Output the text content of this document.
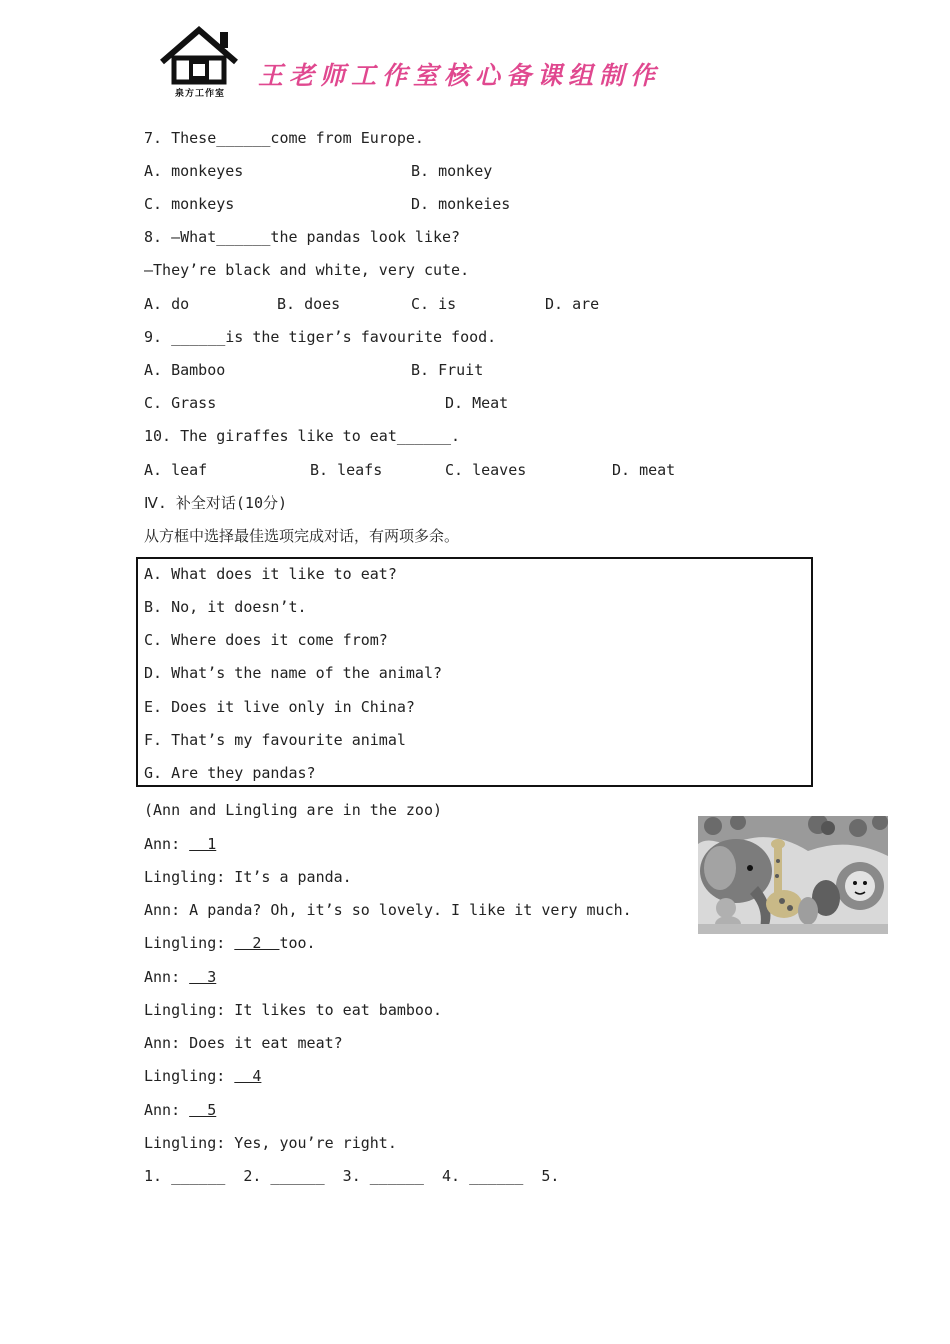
泉方工作室
王老师工作室核心备课组制作
7. These______come from Europe.
A. monkeyes	B. monkey
C. monkeys	D. monkeies
8. —What______the pandas look like?
—They’re black and white, very cute.
A. do	B. does	C. is	D. are
9. ______is the tiger’s favourite food.
A. Bamboo	B. Fruit
C. Grass	D. Meat
10. The giraffes like to eat______.
A. leaf	B. leafs	C. leaves	D. meat
Ⅳ. 补全对话(10分)
从方框中选择最佳选项完成对话，有两项多余。
A. What does it like to eat?
B. No, it doesn’t.
C. Where does it come from?
D. What’s the name of the animal?
E. Does it live only in China?
F. That’s my favourite animal
G. Are they pandas?
(Ann and Lingling are in the zoo)
Ann:   1
Lingling: It’s a panda.
Ann: A panda? Oh, it’s so lovely. I like it very much.
Lingling:   2  too.
Ann:   3
Lingling: It likes to eat bamboo.
Ann: Does it eat meat?
Lingling:   4
Ann:   5
Lingling: Yes, you’re right.
1. ______  2. ______  3. ______  4. ______  5.
